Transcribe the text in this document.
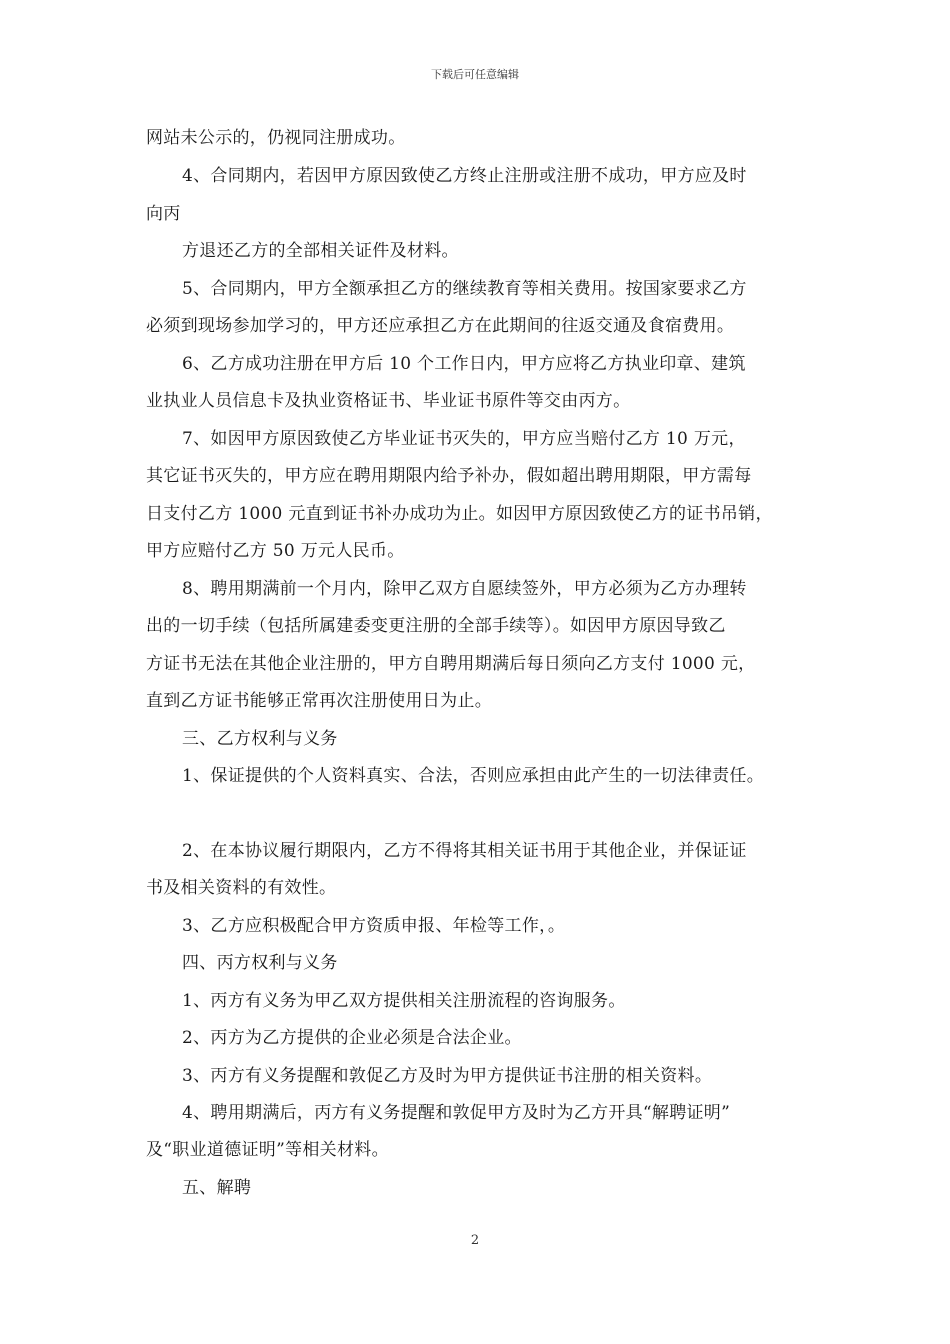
下载后可任意编辑
网站未公示的，仍视同注册成功。
4、合同期内，若因甲方原因致使乙方终止注册或注册不成功，甲方应及时
向丙
方退还乙方的全部相关证件及材料。
5、合同期内，甲方全额承担乙方的继续教育等相关费用。按国家要求乙方
必须到现场参加学习的，甲方还应承担乙方在此期间的往返交通及食宿费用。
6、乙方成功注册在甲方后 10 个工作日内，甲方应将乙方执业印章、建筑
业执业人员信息卡及执业资格证书、毕业证书原件等交由丙方。
7、如因甲方原因致使乙方毕业证书灭失的，甲方应当赔付乙方 10 万元，
其它证书灭失的，甲方应在聘用期限内给予补办，假如超出聘用期限，甲方需每
日支付乙方 1000 元直到证书补办成功为止。如因甲方原因致使乙方的证书吊销，
甲方应赔付乙方 50 万元人民币。
8、聘用期满前一个月内，除甲乙双方自愿续签外，甲方必须为乙方办理转
出的一切手续（包括所属建委变更注册的全部手续等）。如因甲方原因导致乙
方证书无法在其他企业注册的，甲方自聘用期满后每日须向乙方支付 1000 元，
直到乙方证书能够正常再次注册使用日为止。
三、乙方权利与义务
1、保证提供的个人资料真实、合法，否则应承担由此产生的一切法律责任。
2、在本协议履行期限内，乙方不得将其相关证书用于其他企业，并保证证
书及相关资料的有效性。
3、乙方应积极配合甲方资质申报、年检等工作，。
四、丙方权利与义务
1、丙方有义务为甲乙双方提供相关注册流程的咨询服务。
2、丙方为乙方提供的企业必须是合法企业。
3、丙方有义务提醒和敦促乙方及时为甲方提供证书注册的相关资料。
4、聘用期满后，丙方有义务提醒和敦促甲方及时为乙方开具“解聘证明”
及“职业道德证明”等相关材料。
五、解聘
2
